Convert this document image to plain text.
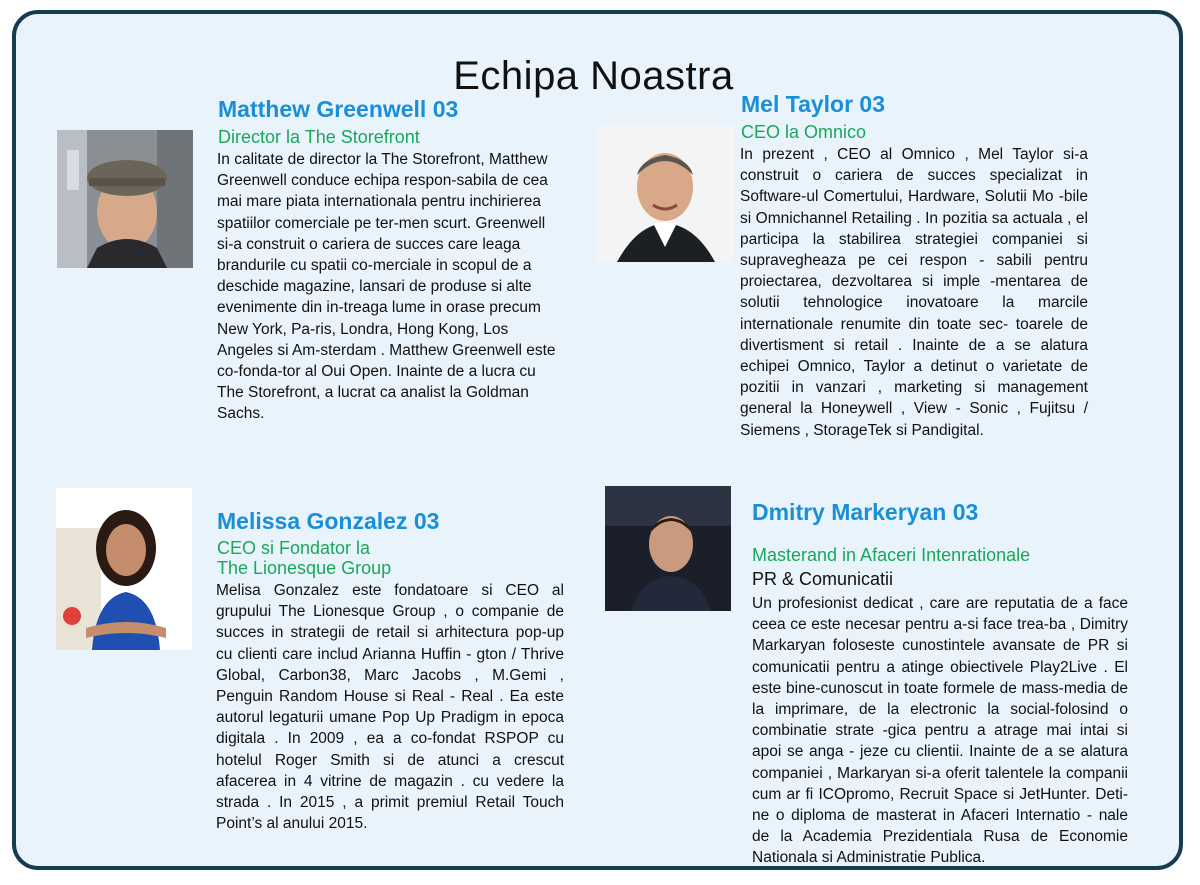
Echipa Noastra
Matthew Greenwell 03
Director la The Storefront
In calitate de director la The Storefront, Matthew Greenwell conduce echipa respon-sabila de cea mai mare piata internationala pentru inchirierea spatiilor comerciale pe ter-men scurt. Greenwell si-a construit o cariera de succes care leaga brandurile cu spatii co-merciale in scopul de a deschide magazine, lansari de produse si alte evenimente din in-treaga lume in orase precum New York, Pa-ris, Londra, Hong Kong, Los Angeles si Am-sterdam . Matthew Greenwell este co-fonda-tor al Oui Open. Inainte de a lucra cu The Storefront, a lucrat ca analist la Goldman Sachs.
Mel Taylor 03
CEO la Omnico
In prezent , CEO al Omnico , Mel Taylor si-a construit o cariera de succes specializat in Software-ul Comertului, Hardware, Solutii Mo -bile si Omnichannel Retailing . In pozitia sa actuala , el participa la stabilirea strategiei companiei si supravegheaza pe cei respon - sabili pentru proiectarea, dezvoltarea si imple -mentarea de solutii tehnologice inovatoare la marcile internationale renumite din toate sec- toarele de divertisment si retail . Inainte de a se alatura echipei Omnico, Taylor a detinut o varietate de pozitii in vanzari , marketing si management general la Honeywell , View - Sonic , Fujitsu / Siemens , StorageTek si Pandigital.
Melissa Gonzalez 03
CEO si Fondator la
The Lionesque Group
Melisa Gonzalez este fondatoare si CEO al grupului The Lionesque Group , o companie de succes in strategii de retail si arhitectura pop-up cu clienti care includ Arianna Huffin - gton / Thrive Global, Carbon38, Marc Jacobs , M.Gemi , Penguin Random House si Real - Real . Ea este autorul legaturii umane Pop Up Pradigm in epoca digitala . In 2009 , ea a co-fondat RSPOP cu hotelul Roger Smith si de atunci a crescut afacerea in 4 vitrine de magazin . cu vedere la strada . In 2015 , a primit premiul Retail Touch Point’s al anului 2015.
Dmitry Markeryan 03
Masterand in Afaceri Intenrationale
PR & Comunicatii
Un profesionist dedicat , care are reputatia de a face ceea ce este necesar pentru a-si face trea-ba , Dimitry Markaryan foloseste cunostintele avansate de PR si comunicatii pentru a atinge obiectivele Play2Live . El este bine-cunoscut in toate formele de mass-media de la imprimare, de la electronic la social-folosind o combinatie strate -gica pentru a atrage mai intai si apoi se anga - jeze cu clientii. Inainte de a se alatura companiei , Markaryan si-a oferit talentele la companii cum ar fi ICOpromo, Recruit Space si JetHunter. Deti- ne o diploma de masterat in Afaceri Internatio - nale de la Academia Prezidentiala Rusa de Economie Nationala si Administratie Publica.
